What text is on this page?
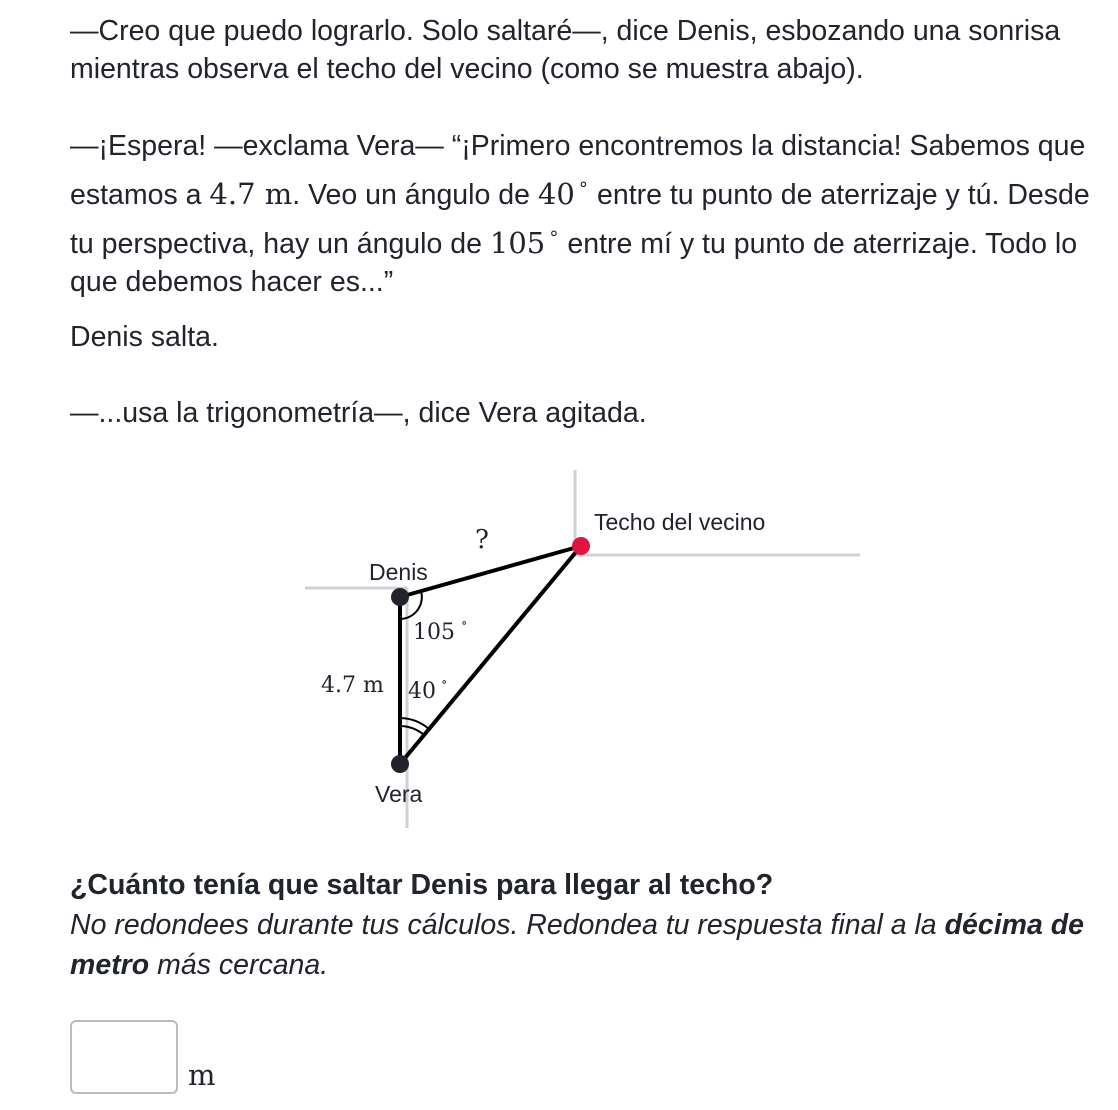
—Creo que puedo lograrlo. Solo saltaré—, dice Denis, esbozando una sonrisa mientras observa el techo del vecino (como se muestra abajo).

—¡Espera! —exclama Vera— “¡Primero encontremos la distancia! Sabemos que estamos a 4.7 m. Veo un ángulo de 40 ∘ entre tu punto de aterrizaje y tú. Desde tu perspectiva, hay un ángulo de 105 ∘ entre mí y tu punto de aterrizaje. Todo lo que debemos hacer es...”

Denis salta.

—...usa la trigonometría—, dice Vera agitada.

?
Techo del vecino
Denis
Vera
4.7 m
105 ∘
40 ∘

¿Cuánto tenía que saltar Denis para llegar al techo?

No redondees durante tus cálculos. Redondea tu respuesta final a la décima de metro más cercana.

m
